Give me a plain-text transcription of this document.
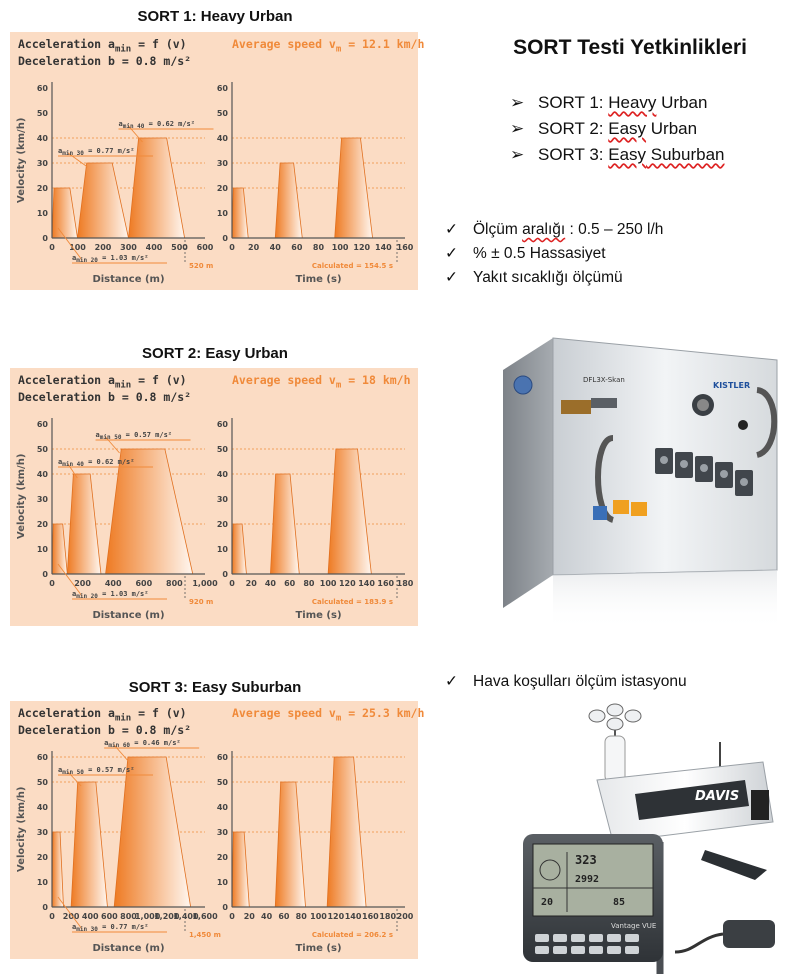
SORT 1: Heavy Urban
SORT 2: Easy Urban
SORT 3: Easy Suburban
Acceleration $a_{min} = f$ (v)
Deceleration b = 0.8 m/s²
Average speed $v_m = 12.1$ km/h
Velocity (km/h)
0
10
20
30
40
50
60
0 100 200 300 400 500 600
Distance (m)
520 m
0
10
20
30
40
50
60
0 20 40 60 80 100 120 140 160
Time (s)
Calculated = 154.5 s
amin 20 = 1.03 m/s²
amin 30 = 0.77 m/s²
amin 40 = 0.62 m/s²
Acceleration $a_{min} = f$ (v)
Deceleration b = 0.8 m/s²
Average speed $v_m = 18$ km/h
Velocity (km/h)
0
10
20
30
40
50
60
0 200 400 600 800 1,000
Distance (m)
920 m
0
10
20
30
40
50
60
0 20 40 60 80 100 120 140 160 180
Time (s)
Calculated = 183.9 s
amin 20 = 1.03 m/s²
amin 40 = 0.62 m/s²
amin 50 = 0.57 m/s²
Acceleration $a_{min} = f$ (v)
Deceleration b = 0.8 m/s²
Average speed $v_m = 25.3$ km/h
Velocity (km/h)
0
10
20
30
40
50
60
0 200 400 600 800
1,000
1,200
1,400
1,600
Distance (m)
1,450 m
0
10
20
30
40
50
60
0 20 40 60 80 100 120 140 160 180 200
Time (s)
Calculated = 206.2 s
amin 30 = 0.77 m/s²
amin 50 = 0.57 m/s²
amin 60 = 0.46 m/s²
SORT Testi Yetkinlikleri
➢ SORT 1: Heavy Urban
➢ SORT 2: Easy Urban
➢ SORT 3: Easy Suburban
✓ Ölçüm aralığı : 0.5 – 250 l/h
✓ % ± 0.5 Hassasiyet
✓ Yakıt sıcaklığı ölçümü
✓ Hava koşulları ölçüm istasyonu
DFL3X-Skan
KISTLER
DAVIS
323
2992
20	85
Vantage VUE
